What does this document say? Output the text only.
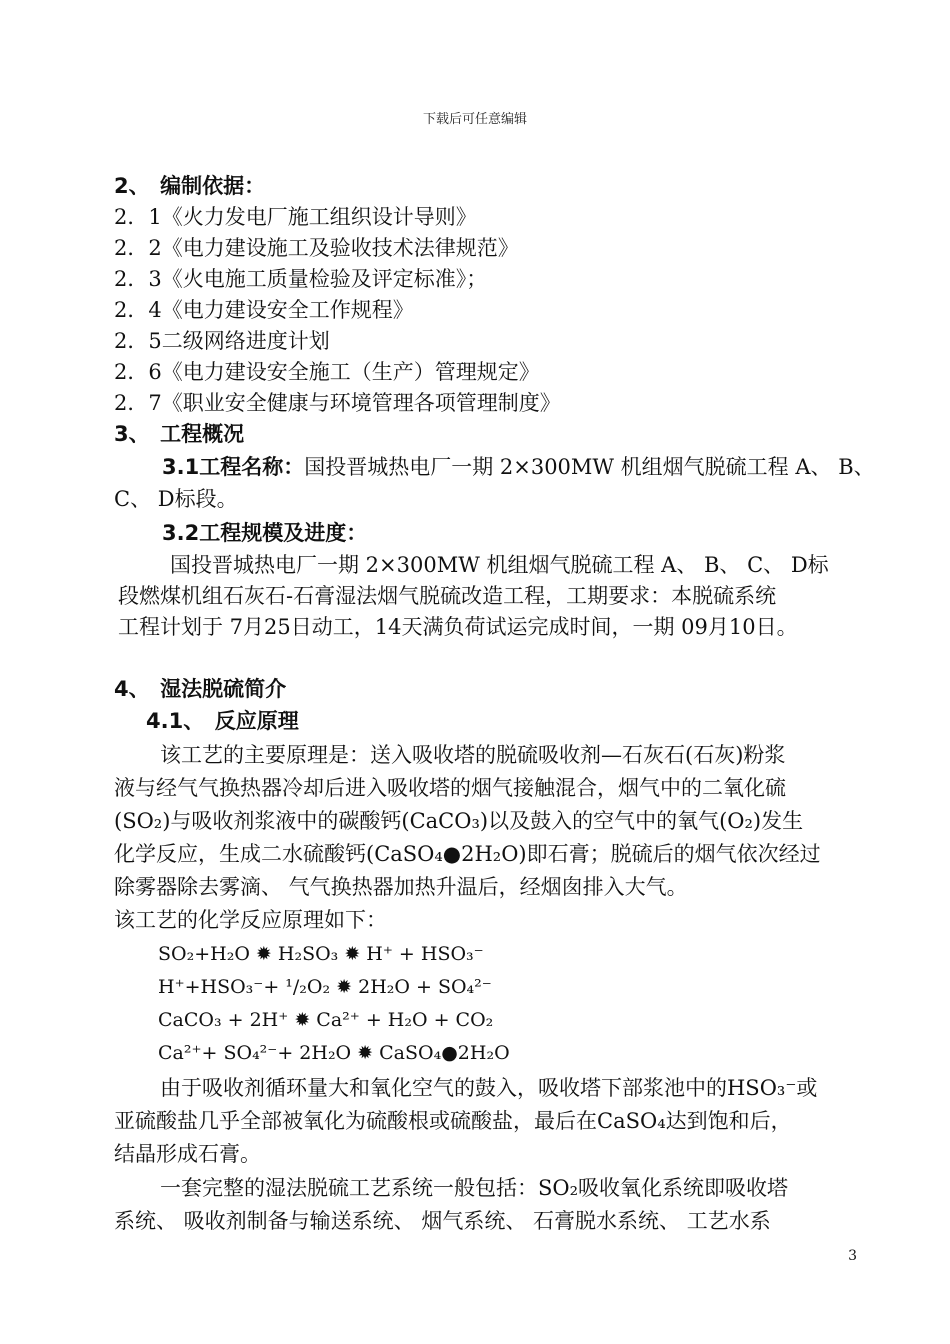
下载后可任意编辑
2、　编制依据：
2．1《火力发电厂施工组织设计导则》
2．2《电力建设施工及验收技术法律规范》
2．3《火电施工质量检验及评定标准》；
2．4《电力建设安全工作规程》
2．5二级网络进度计划
2．6《电力建设安全施工（生产）管理规定》
2．7《职业安全健康与环境管理各项管理制度》
3、　工程概况
3.1工程名称：国投晋城热电厂一期 2×300MW 机组烟气脱硫工程 A、 B、
C、 D标段。
3.2工程规模及进度：
国投晋城热电厂一期 2×300MW 机组烟气脱硫工程 A、 B、 C、 D标
段燃煤机组石灰石-石膏湿法烟气脱硫改造工程，工期要求：本脱硫系统
工程计划于 7月25日动工，14天满负荷试运完成时间，一期 09月10日。
4、　湿法脱硫简介
4.1、　反应原理
该工艺的主要原理是：送入吸收塔的脱硫吸收剂—石灰石(石灰)粉浆
液与经气气换热器冷却后进入吸收塔的烟气接触混合，烟气中的二氧化硫
(SO₂)与吸收剂浆液中的碳酸钙(CaCO₃)以及鼓入的空气中的氧气(O₂)发生
化学反应，生成二水硫酸钙(CaSO₄●2H₂O)即石膏；脱硫后的烟气依次经过
除雾器除去雾滴、 气气换热器加热升温后，经烟囱排入大气。
该工艺的化学反应原理如下：
SO₂+H₂O ✹ H₂SO₃ ✹ H⁺ + HSO₃⁻
H⁺+HSO₃⁻+ ¹/₂O₂ ✹ 2H₂O + SO₄²⁻
CaCO₃ + 2H⁺ ✹ Ca²⁺ + H₂O + CO₂
Ca²⁺+ SO₄²⁻+ 2H₂O ✹ CaSO₄●2H₂O
由于吸收剂循环量大和氧化空气的鼓入，吸收塔下部浆池中的HSO₃⁻或
亚硫酸盐几乎全部被氧化为硫酸根或硫酸盐，最后在CaSO₄达到饱和后，
结晶形成石膏。
一套完整的湿法脱硫工艺系统一般包括：SO₂吸收氧化系统即吸收塔
系统、 吸收剂制备与输送系统、 烟气系统、 石膏脱水系统、 工艺水系
3
